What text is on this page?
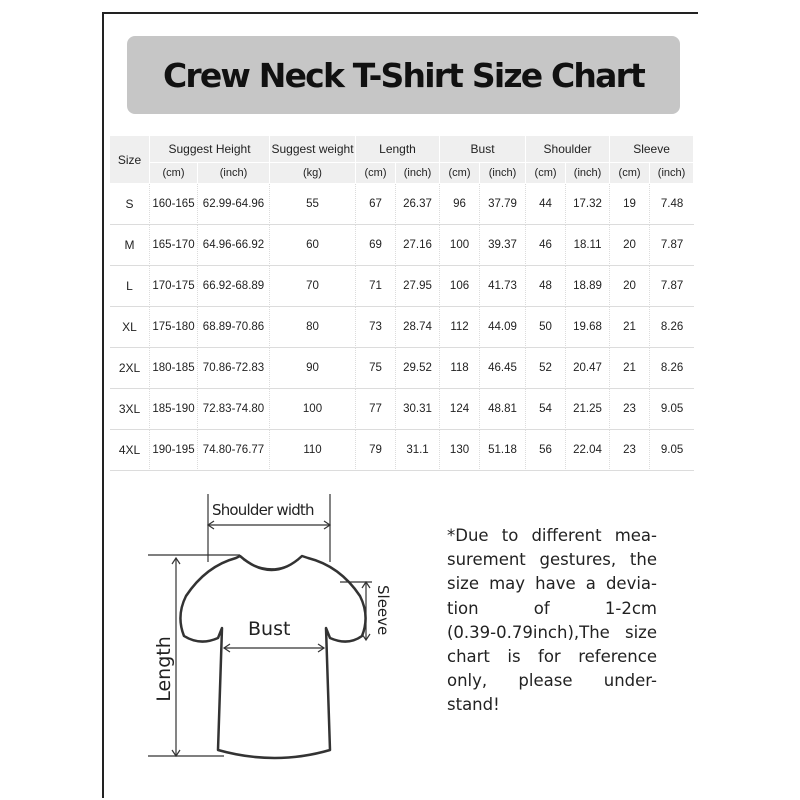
Crew Neck T-Shirt Size Chart
Size	Suggest Height		Suggest weight	Length		Bust		Shoulder		Sleeve	
	(cm)	(inch)	(kg)	(cm)	(inch)	(cm)	(inch)	(cm)	(inch)	(cm)	(inch)
S	160-165	62.99-64.96	55	67	26.37	96	37.79	44	17.32	19	7.48
M	165-170	64.96-66.92	60	69	27.16	100	39.37	46	18.11	20	7.87
L	170-175	66.92-68.89	70	71	27.95	106	41.73	48	18.89	20	7.87
XL	175-180	68.89-70.86	80	73	28.74	112	44.09	50	19.68	21	8.26
2XL	180-185	70.86-72.83	90	75	29.52	118	46.45	52	20.47	21	8.26
3XL	185-190	72.83-74.80	100	77	30.31	124	48.81	54	21.25	23	9.05
4XL	190-195	74.80-76.77	110	79	31.1	130	51.18	56	22.04	23	9.05
Shoulder width
Bust
Length
Sleeve
*Due to different mea-
surement gestures, the
size may have a devia-
tion of 1-2cm
(0.39-0.79inch),The size
chart is for reference
only, please under-
stand!
